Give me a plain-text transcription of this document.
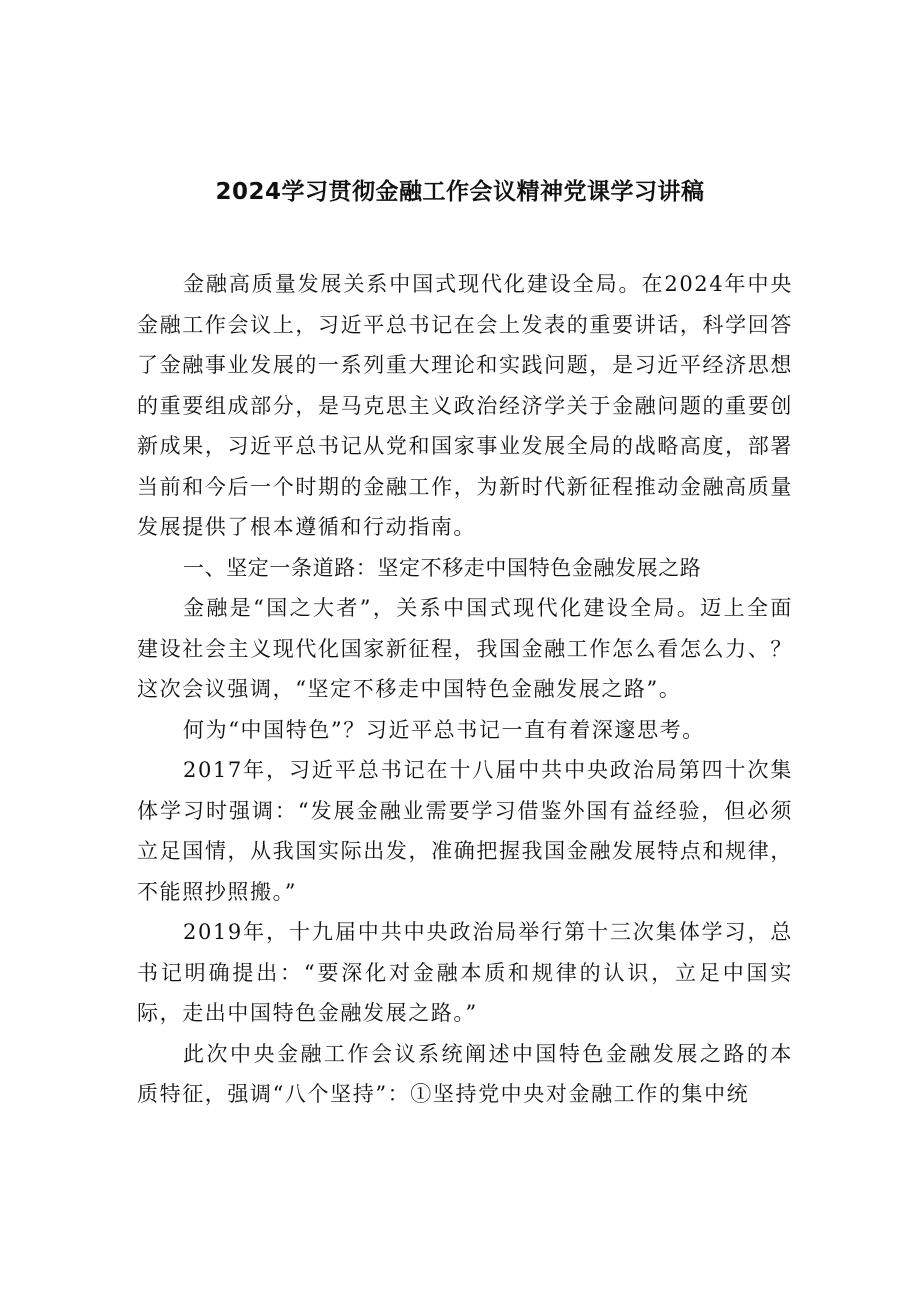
2024学习贯彻金融工作会议精神党课学习讲稿

金融高质量发展关系中国式现代化建设全局。在2024年中央金融工作会议上，习近平总书记在会上发表的重要讲话，科学回答了金融事业发展的一系列重大理论和实践问题，是习近平经济思想的重要组成部分，是马克思主义政治经济学关于金融问题的重要创新成果，习近平总书记从党和国家事业发展全局的战略高度，部署当前和今后一个时期的金融工作，为新时代新征程推动金融高质量发展提供了根本遵循和行动指南。

一、坚定一条道路：坚定不移走中国特色金融发展之路

金融是“国之大者”，关系中国式现代化建设全局。迈上全面建设社会主义现代化国家新征程，我国金融工作怎么看怎么力、？这次会议强调，“坚定不移走中国特色金融发展之路”。

何为“中国特色”？习近平总书记一直有着深邃思考。

2017年，习近平总书记在十八届中共中央政治局第四十次集体学习时强调：“发展金融业需要学习借鉴外国有益经验，但必须立足国情，从我国实际出发，准确把握我国金融发展特点和规律，不能照抄照搬。”

2019年，十九届中共中央政治局举行第十三次集体学习，总书记明确提出：“要深化对金融本质和规律的认识，立足中国实际，走出中国特色金融发展之路。”

此次中央金融工作会议系统阐述中国特色金融发展之路的本质特征，强调“八个坚持”：①坚持党中央对金融工作的集中统
